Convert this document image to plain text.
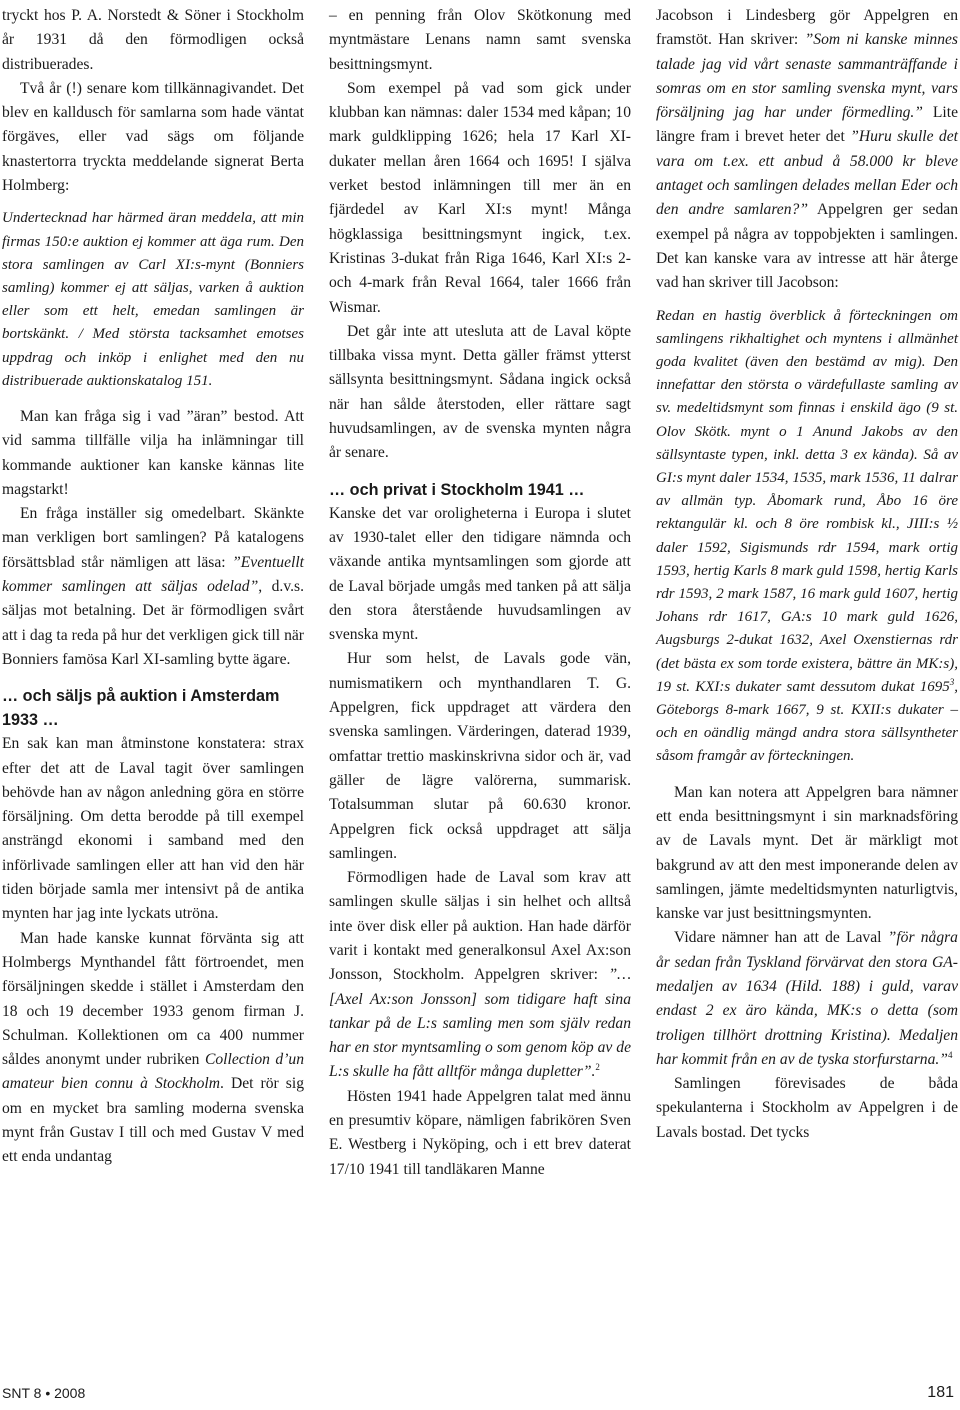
tryckt hos P. A. Norstedt & Söner i Stockholm år 1931 då den förmodligen också distribuerades.

Två år (!) senare kom tillkännagivandet. Det blev en kalldusch för samlarna som hade väntat förgäves, eller vad sägs om följande knastertorra tryckta meddelande signerat Berta Holmberg:

Undertecknad har härmed äran meddela, att min firmas 150:e auktion ej kommer att äga rum. Den stora samlingen av Carl XI:s-mynt (Bonniers samling) kommer ej att säljas, varken å auktion eller som ett helt, emedan samlingen är bortskänkt. / Med största tacksamhet emotses uppdrag och inköp i enlighet med den nu distribuerade auktionskatalog 151.

Man kan fråga sig i vad ”äran” bestod. Att vid samma tillfälle vilja ha inlämningar till kommande auktioner kan kanske kännas lite magstarkt!

En fråga inställer sig omedelbart. Skänkte man verkligen bort samlingen? På katalogens försättsblad står nämligen att läsa: ”Eventuellt kommer samlingen att säljas odelad”, d.v.s. säljas mot betalning. Det är förmodligen svårt att i dag ta reda på hur det verkligen gick till när Bonniers famösa Karl XI-samling bytte ägare.

… och säljs på auktion i Amsterdam 1933 …

En sak kan man åtminstone konstatera: strax efter det att de Laval tagit över samlingen behövde han av någon anledning göra en större försäljning. Om detta berodde på till exempel ansträngd ekonomi i samband med den införlivade samlingen eller att han vid den här tiden började samla mer intensivt på de antika mynten har jag inte lyckats utröna.

Man hade kanske kunnat förvänta sig att Holmbergs Mynthandel fått förtroendet, men försäljningen skedde i stället i Amsterdam den 18 och 19 december 1933 genom firman J. Schulman. Kollektionen om ca 400 nummer såldes anonymt under rubriken Collection d’un amateur bien connu à Stockholm. Det rör sig om en mycket bra samling moderna svenska mynt från Gustav I till och med Gustav V med ett enda undantag

– en penning från Olov Skötkonung med myntmästare Lenans namn samt svenska besittningsmynt.

Som exempel på vad som gick under klubban kan nämnas: daler 1534 med kåpan; 10 mark guldklipping 1626; hela 17 Karl XI-dukater mellan åren 1664 och 1695! I själva verket bestod inlämningen till mer än en fjärdedel av Karl XI:s mynt! Många högklassiga besittningsmynt ingick, t.ex. Kristinas 3-dukat från Riga 1646, Karl XI:s 2- och 4-mark från Reval 1664, taler 1666 från Wismar.

Det går inte att utesluta att de Laval köpte tillbaka vissa mynt. Detta gäller främst ytterst sällsynta besittningsmynt. Sådana ingick också när han sålde återstoden, eller rättare sagt huvudsamlingen, av de svenska mynten några år senare.

… och privat i Stockholm 1941 …

Kanske det var oroligheterna i Europa i slutet av 1930-talet eller den tidigare nämnda och växande antika myntsamlingen som gjorde att de Laval började umgås med tanken på att sälja den stora återstående huvudsamlingen av svenska mynt.

Hur som helst, de Lavals gode vän, numismatikern och mynthandlaren T. G. Appelgren, fick uppdraget att värdera den svenska samlingen. Värderingen, daterad 1939, omfattar trettio maskinskrivna sidor och är, vad gäller de lägre valörerna, summarisk. Totalsumman slutar på 60.630 kronor. Appelgren fick också uppdraget att sälja samlingen.

Förmodligen hade de Laval som krav att samlingen skulle säljas i sin helhet och alltså inte över disk eller på auktion. Han hade därför varit i kontakt med generalkonsul Axel Ax:son Jonsson, Stockholm. Appelgren skriver: ”… [Axel Ax:son Jonsson] som tidigare haft sina tankar på de L:s samling men som själv redan har en stor myntsamling o som genom köp av de L:s skulle ha fått alltför många dupletter”.$^2$

Hösten 1941 hade Appelgren talat med ännu en presumtiv köpare, nämligen fabrikören Sven E. Westberg i Nyköping, och i ett brev daterat 17/10 1941 till tandläkaren Manne

Jacobson i Lindesberg gör Appelgren en framstöt. Han skriver: ”Som ni kanske minnes talade jag vid vårt senaste sammanträffande i somras om en stor samling svenska mynt, vars försäljning jag har under förmedling.” Lite längre fram i brevet heter det ”Huru skulle det vara om t.ex. ett anbud å 58.000 kr bleve antaget och samlingen delades mellan Eder och den andre samlaren?” Appelgren ger sedan exempel på några av toppobjekten i samlingen. Det kan kanske vara av intresse att här återge vad han skriver till Jacobson:

Redan en hastig överblick å förteckningen om samlingens rikhaltighet och myntens i allmänhet goda kvalitet (även den bestämd av mig). Den innefattar den största o värdefullaste samling av sv. medeltidsmynt som finnas i enskild ägo (9 st. Olov Skötk. mynt o 1 Anund Jakobs av den sällsyntaste typen, inkl. detta 3 ex kända). Så av GI:s mynt daler 1534, 1535, mark 1536, 11 dalrar av allmän typ. Åbomark rund, Åbo 16 öre rektangulär kl. och 8 öre rombisk kl., JIII:s ½ daler 1592, Sigismunds rdr 1594, mark ortig 1593, hertig Karls 8 mark guld 1598, hertig Karls rdr 1593, 2 mark 1587, 16 mark guld 1607, hertig Johans rdr 1617, GA:s 10 mark guld 1626, Augsburgs 2-dukat 1632, Axel Oxenstiernas rdr (det bästa ex som torde existera, bättre än MK:s), 19 st. KXI:s dukater samt dessutom dukat 1695$^3$, Göteborgs 8-mark 1667, 9 st. KXII:s dukater – och en oändlig mängd andra stora sällsyntheter såsom framgår av förteckningen.

Man kan notera att Appelgren bara nämner ett enda besittningsmynt i sin marknadsföring av de Lavals mynt. Det är märkligt mot bakgrund av att den mest imponerande delen av samlingen, jämte medeltidsmynten naturligtvis, kanske var just besittningsmynten.

Vidare nämner han att de Laval ”för några år sedan från Tyskland förvärvat den stora GA-medaljen av 1634 (Hild. 188) i guld, varav endast 2 ex äro kända, MK:s o detta (som troligen tillhört drottning Kristina). Medaljen har kommit från en av de tyska storfurstarna.”$^4$

Samlingen förevisades de båda spekulanterna i Stockholm av Appelgren i de Lavals bostad. Det tycks

SNT 8 • 2008	181
